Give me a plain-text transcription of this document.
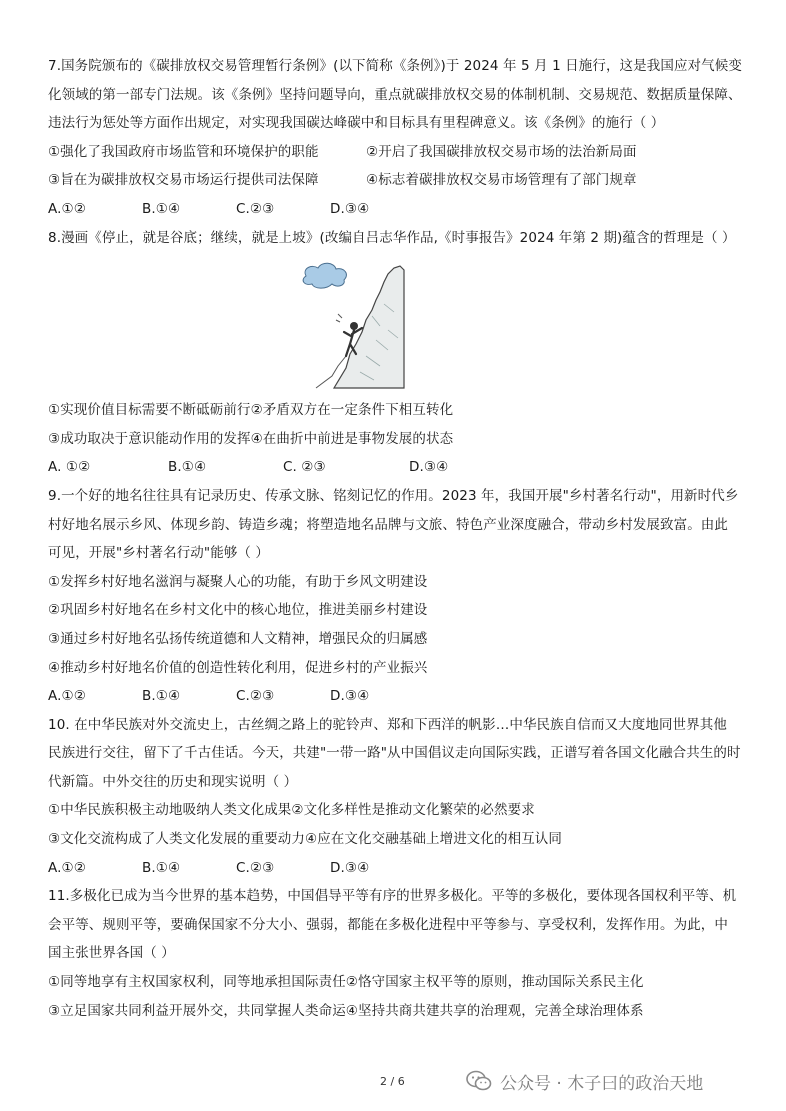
7.国务院颁布的《碳排放权交易管理暂行条例》(以下简称《条例》)于 2024 年 5 月 1 日施行，这是我国应对气候变
化领域的第一部专门法规。该《条例》坚持问题导向，重点就碳排放权交易的体制机制、交易规范、数据质量保障、
违法行为惩处等方面作出规定，对实现我国碳达峰碳中和目标具有里程碑意义。该《条例》的施行（ ）
①强化了我国政府市场监管和环境保护的职能	②开启了我国碳排放权交易市场的法治新局面
③旨在为碳排放权交易市场运行提供司法保障	④标志着碳排放权交易市场管理有了部门规章
A.①②	B.①④	C.②③	D.③④
8.漫画《停止，就是谷底；继续，就是上坡》(改编自吕志华作品,《时事报告》2024 年第 2 期)蕴含的哲理是（ ）
①实现价值目标需要不断砥砺前行②矛盾双方在一定条件下相互转化
③成功取决于意识能动作用的发挥④在曲折中前进是事物发展的状态
A. ①②	B.①④	C. ②③	D.③④
9.一个好的地名往往具有记录历史、传承文脉、铭刻记忆的作用。2023 年，我国开展"乡村著名行动"，用新时代乡
村好地名展示乡风、体现乡韵、铸造乡魂；将塑造地名品牌与文旅、特色产业深度融合，带动乡村发展致富。由此
可见，开展"乡村著名行动"能够（ ）
①发挥乡村好地名滋润与凝聚人心的功能，有助于乡风文明建设
②巩固乡村好地名在乡村文化中的核心地位，推进美丽乡村建设
③通过乡村好地名弘扬传统道德和人文精神，增强民众的归属感
④推动乡村好地名价值的创造性转化利用，促进乡村的产业振兴
A.①②	B.①④	C.②③	D.③④
10. 在中华民族对外交流史上，古丝绸之路上的驼铃声、郑和下西洋的帆影…中华民族自信而又大度地同世界其他
民族进行交往，留下了千古佳话。今天，共建"一带一路"从中国倡议走向国际实践，正谱写着各国文化融合共生的时
代新篇。中外交往的历史和现实说明（ ）
①中华民族积极主动地吸纳人类文化成果②文化多样性是推动文化繁荣的必然要求
③文化交流构成了人类文化发展的重要动力④应在文化交融基础上增进文化的相互认同
A.①②	B.①④	C.②③	D.③④
11.多极化已成为当今世界的基本趋势，中国倡导平等有序的世界多极化。平等的多极化，要体现各国权利平等、机
会平等、规则平等，要确保国家不分大小、强弱，都能在多极化进程中平等参与、享受权利，发挥作用。为此，中
国主张世界各国（ ）
①同等地享有主权国家权利，同等地承担国际责任②恪守国家主权平等的原则，推动国际关系民主化
③立足国家共同利益开展外交，共同掌握人类命运④坚持共商共建共享的治理观，完善全球治理体系
2 / 6	公众号 · 木子曰的政治天地
